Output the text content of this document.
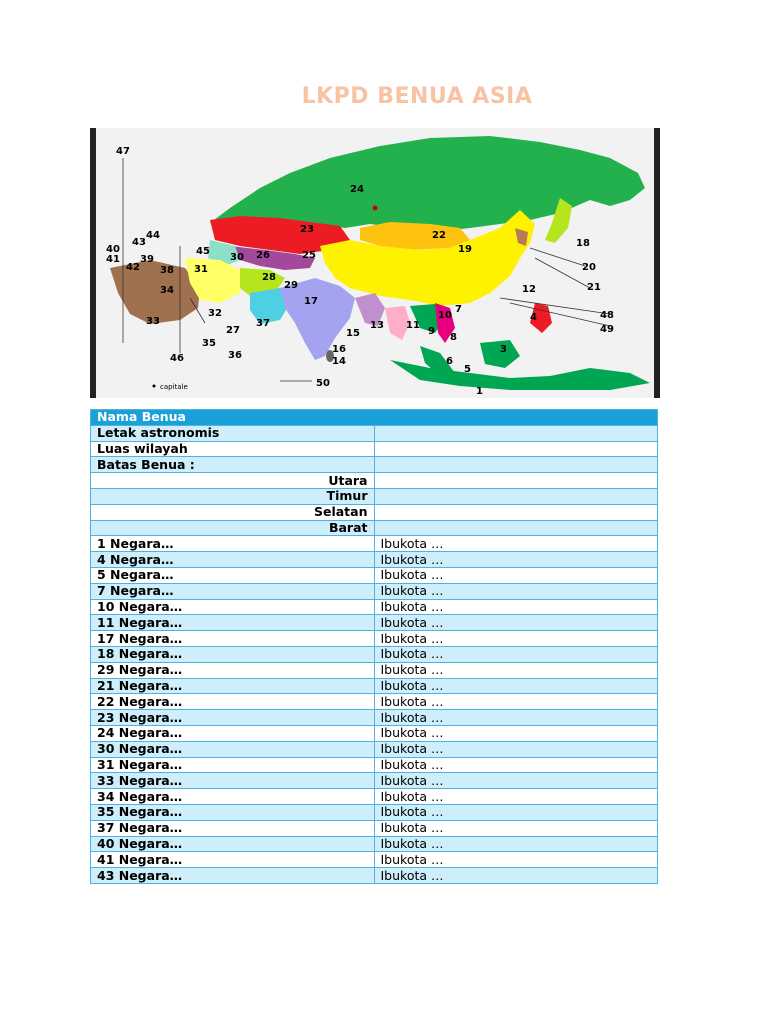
LKPD BENUA ASIA
47
24
23
22
44
43
45	19
18
40
41 39
42 38
30 26	25
31
28
20
21
29	12
34
17
32	48
49
33	37
10
13
15
27
4
35
36
11
9
8
16
46
3
6
14
5
50
1
7
capitale
Nama Benua	
Letak astronomis	
Luas wilayah	
Batas Benua :	
Utara	
Timur	
Selatan	
Barat	
1 Negara…	Ibukota …
4 Negara…	Ibukota …
5 Negara…	Ibukota …
7 Negara…	Ibukota …
10 Negara…	Ibukota …
11 Negara…	Ibukota …
17 Negara…	Ibukota …
18 Negara…	Ibukota …
29 Negara…	Ibukota …
21 Negara…	Ibukota …
22 Negara…	Ibukota …
23 Negara…	Ibukota …
24 Negara…	Ibukota …
30 Negara…	Ibukota …
31 Negara…	Ibukota …
33 Negara…	Ibukota …
34 Negara…	Ibukota …
35 Negara…	Ibukota …
37 Negara…	Ibukota …
40 Negara…	Ibukota …
41 Negara…	Ibukota …
43 Negara…	Ibukota …
